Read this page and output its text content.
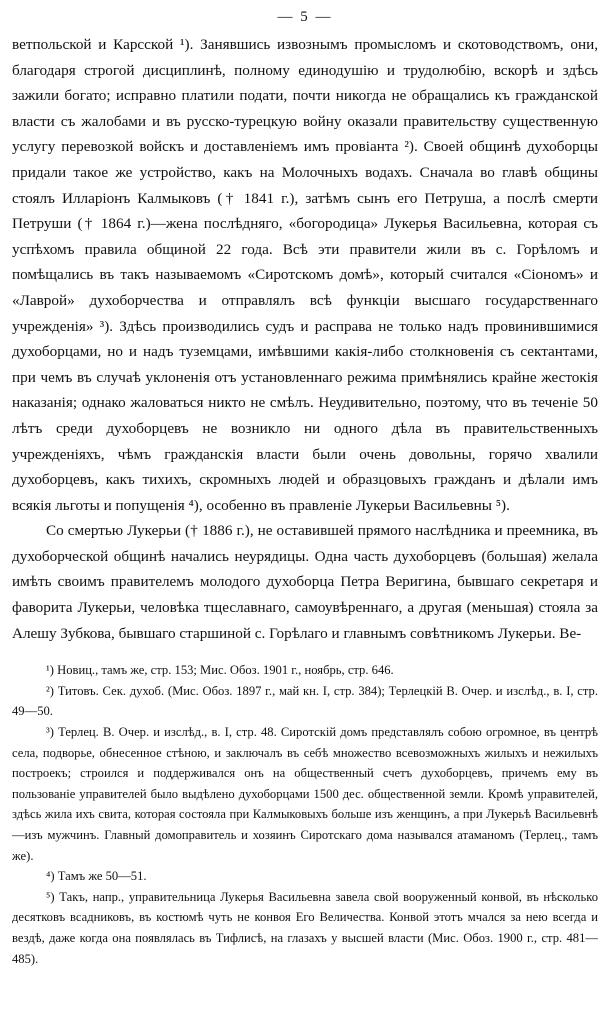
— 5 —

ветпольской и Карсской ¹). Занявшись извознымъ промысломъ и скотоводствомъ, они, благодаря строгой дисциплинѣ, полному единодушію и трудолюбію, вскорѣ и здѣсь зажили богато; исправно платили подати, почти никогда не обращались къ гражданской власти съ жалобами и въ русско-турецкую войну оказали правительству существенную услугу перевозкой войскъ и доставленіемъ имъ провіанта ²). Своей общинѣ духоборцы придали такое же устройство, какъ на Молочныхъ водахъ. Сначала во главѣ общины стоялъ Илларіонъ Калмыковъ († 1841 г.), затѣмъ сынъ его Петруша, а послѣ смерти Петруши († 1864 г.)—жена послѣдняго, «богородица» Лукерья Васильевна, которая съ успѣхомъ правила общиной 22 года. Всѣ эти правители жили въ с. Горѣломъ и помѣщались въ такъ называемомъ «Сиротскомъ домѣ», который считался «Сіономъ» и «Лаврой» духоборчества и отправлялъ всѣ функціи высшаго государственнаго учрежденія» ³). Здѣсь производились судъ и расправа не только надъ провинившимися духоборцами, но и надъ туземцами, имѣвшими какія-либо столкновенія съ сектантами, при чемъ въ случаѣ уклоненія отъ установленнаго режима примѣнялись крайне жестокія наказанія; однако жаловаться никто не смѣлъ. Неудивительно, поэтому, что въ теченіе 50 лѣтъ среди духоборцевъ не возникло ни одного дѣла въ правительственныхъ учрежденіяхъ, чѣмъ гражданскія власти были очень довольны, горячо хвалили духоборцевъ, какъ тихихъ, скромныхъ людей и образцовыхъ гражданъ и дѣлали имъ всякія льготы и попущенія ⁴), особенно въ правленіе Лукерьи Васильевны ⁵).

Со смертью Лукерьи († 1886 г.), не оставившей прямого наслѣдника и преемника, въ духоборческой общинѣ начались неурядицы. Одна часть духоборцевъ (большая) желала имѣть своимъ правителемъ молодого духоборца Петра Веригина, бывшаго секретаря и фаворита Лукерьи, человѣка тщеславнаго, самоувѣреннаго, а другая (меньшая) стояла за Алешу Зубкова, бывшаго старшиной с. Горѣлаго и главнымъ совѣтникомъ Лукерьи. Ве-

¹) Новиц., тамъ же, стр. 153; Мис. Обоз. 1901 г., ноябрь, стр. 646.

²) Титовъ. Сек. духоб. (Мис. Обоз. 1897 г., май кн. I, стр. 384); Терлецкій В. Очер. и изслѣд., в. I, стр. 49—50.

³) Терлец. В. Очер. и изслѣд., в. I, стр. 48. Сиротскій домъ представлялъ собою огромное, въ центрѣ села, подворье, обнесенное стѣною, и заключалъ въ себѣ множество всевозможныхъ жилыхъ и нежилыхъ построекъ; строился и поддерживался онъ на общественный счетъ духоборцевъ, причемъ ему въ пользованіе управителей было выдѣлено духоборцами 1500 дес. общественной земли. Кромѣ управителей, здѣсь жила ихъ свита, которая состояла при Калмыковыхъ больше изъ женщинъ, а при Лукерьѣ Васильевнѣ—изъ мужчинъ. Главный домоправитель и хозяинъ Сиротскаго дома назывался атаманомъ (Терлец., тамъ же).

⁴) Тамъ же 50—51.

⁵) Такъ, напр., управительница Лукерья Васильевна завела свой вооруженный конвой, въ нѣсколько десятковъ всадниковъ, въ костюмѣ чуть не конвоя Его Величества. Конвой этотъ мчался за нею всегда и вездѣ, даже когда она появлялась въ Тифлисѣ, на глазахъ у высшей власти (Мис. Обоз. 1900 г., стр. 481—485).
